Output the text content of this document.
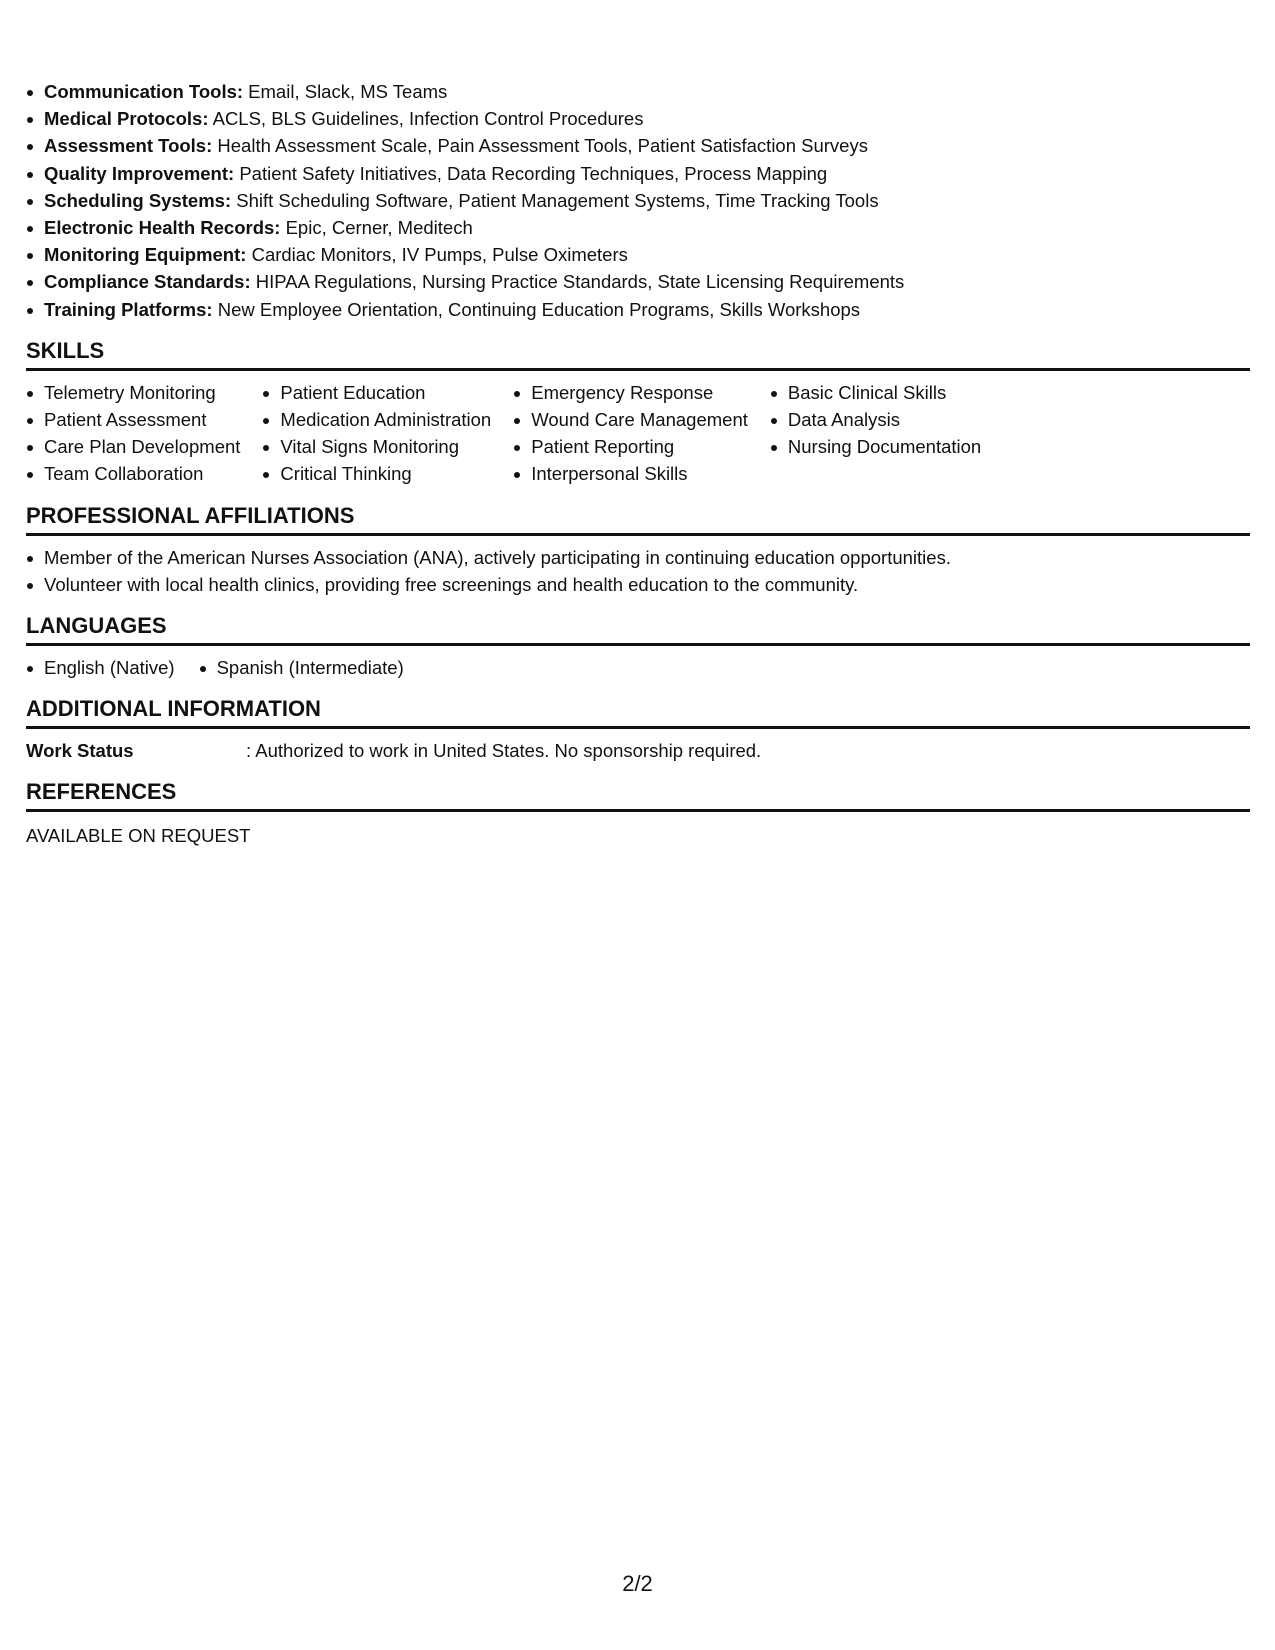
Communication Tools: Email, Slack, MS Teams
Medical Protocols: ACLS, BLS Guidelines, Infection Control Procedures
Assessment Tools: Health Assessment Scale, Pain Assessment Tools, Patient Satisfaction Surveys
Quality Improvement: Patient Safety Initiatives, Data Recording Techniques, Process Mapping
Scheduling Systems: Shift Scheduling Software, Patient Management Systems, Time Tracking Tools
Electronic Health Records: Epic, Cerner, Meditech
Monitoring Equipment: Cardiac Monitors, IV Pumps, Pulse Oximeters
Compliance Standards: HIPAA Regulations, Nursing Practice Standards, State Licensing Requirements
Training Platforms: New Employee Orientation, Continuing Education Programs, Skills Workshops
SKILLS
Telemetry Monitoring
Patient Assessment
Care Plan Development
Team Collaboration
Patient Education
Medication Administration
Vital Signs Monitoring
Critical Thinking
Emergency Response
Wound Care Management
Patient Reporting
Interpersonal Skills
Basic Clinical Skills
Data Analysis
Nursing Documentation
PROFESSIONAL AFFILIATIONS
Member of the American Nurses Association (ANA), actively participating in continuing education opportunities.
Volunteer with local health clinics, providing free screenings and health education to the community.
LANGUAGES
English (Native)	Spanish (Intermediate)
ADDITIONAL INFORMATION
Work Status	: Authorized to work in United States. No sponsorship required.
REFERENCES
AVAILABLE ON REQUEST
2/2
